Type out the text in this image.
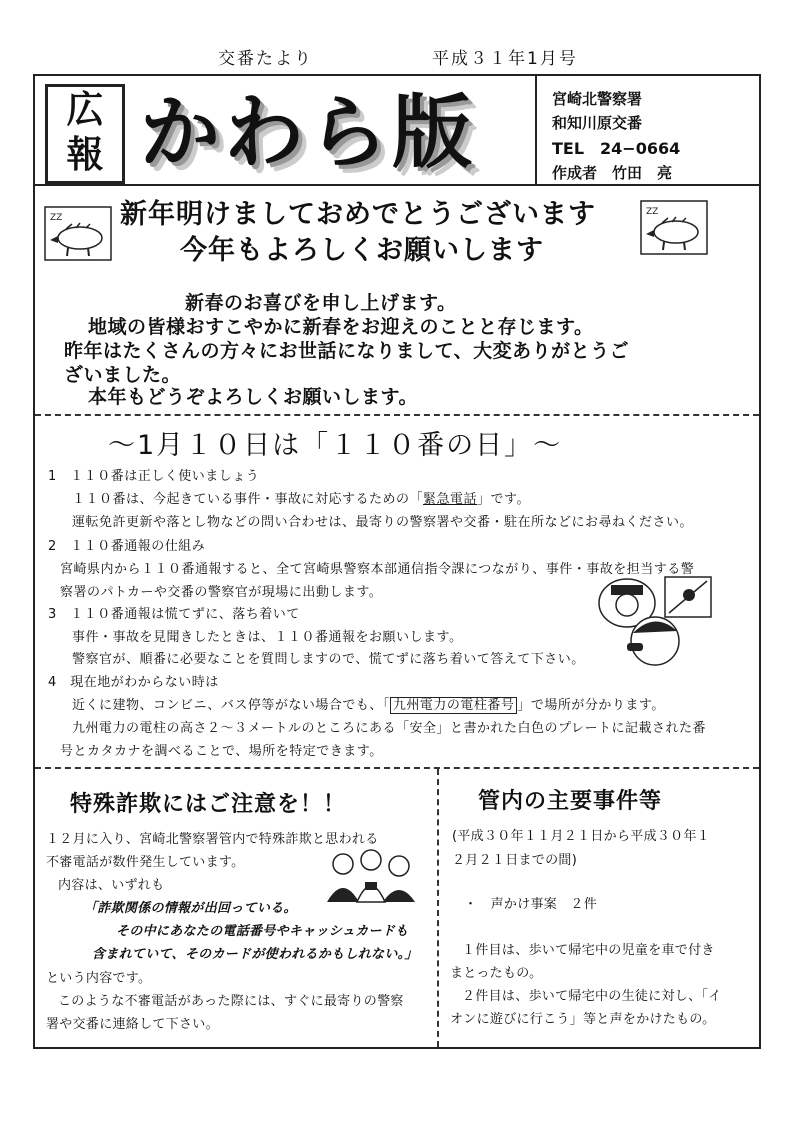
交番たより	平成３１年1月号
広
報 かわら版	宮崎北警察署
和知川原交番
TEL　24−0664
作成者　竹田　亮
ZZ
ZZ
新年明けましておめでとうございます
今年もよろしくお願いします
新春のお喜びを申し上げます。
地域の皆様おすこやかに新春をお迎えのことと存じます。
昨年はたくさんの方々にお世話になりまして、大変ありがとうご
ざいました。
本年もどうぞよろしくお願いします。
～1月１０日は「１１０番の日」～
1　１１０番は正しく使いましょう
１１０番は、今起きている事件・事故に対応するための「緊急電話」です。
運転免許更新や落とし物などの問い合わせは、最寄りの警察署や交番・駐在所などにお尋ねください。
2　１１０番通報の仕組み
宮崎県内から１１０番通報すると、全て宮崎県警察本部通信指令課につながり、事件・事故を担当する警
察署のパトカーや交番の警察官が現場に出動します。
3　１１０番通報は慌てずに、落ち着いて
事件・事故を見聞きしたときは、１１０番通報をお願いします。
警察官が、順番に必要なことを質問しますので、慌てずに落ち着いて答えて下さい。
4　現在地がわからない時は
近くに建物、コンビニ、バス停等がない場合でも、「 九州電力の電柱番号 」で場所が分かります。
九州電力の電柱の高さ２～３メートルのところにある「安全」と書かれた白色のプレートに記載された番
号とカタカナを調べることで、場所を特定できます。
特殊詐欺にはご注意を！！
１２月に入り、宮崎北警察署管内で特殊詐欺と思われる
不審電話が数件発生しています。
内容は、いずれも
「詐欺関係の情報が出回っている。
その中にあなたの電話番号やキャッシュカードも
含まれていて、そのカードが使われるかもしれない。」
という内容です。
このような不審電話があった際には、すぐに最寄りの警察
署や交番に連絡して下さい。
管内の主要事件等
(平成３０年１１月２１日から平成３０年１
２月２１日までの間)
・　声かけ事案　２件
１件目は、歩いて帰宅中の児童を車で付き
まとったもの。
２件目は、歩いて帰宅中の生徒に対し、「イ
オンに遊びに行こう」等と声をかけたもの。
